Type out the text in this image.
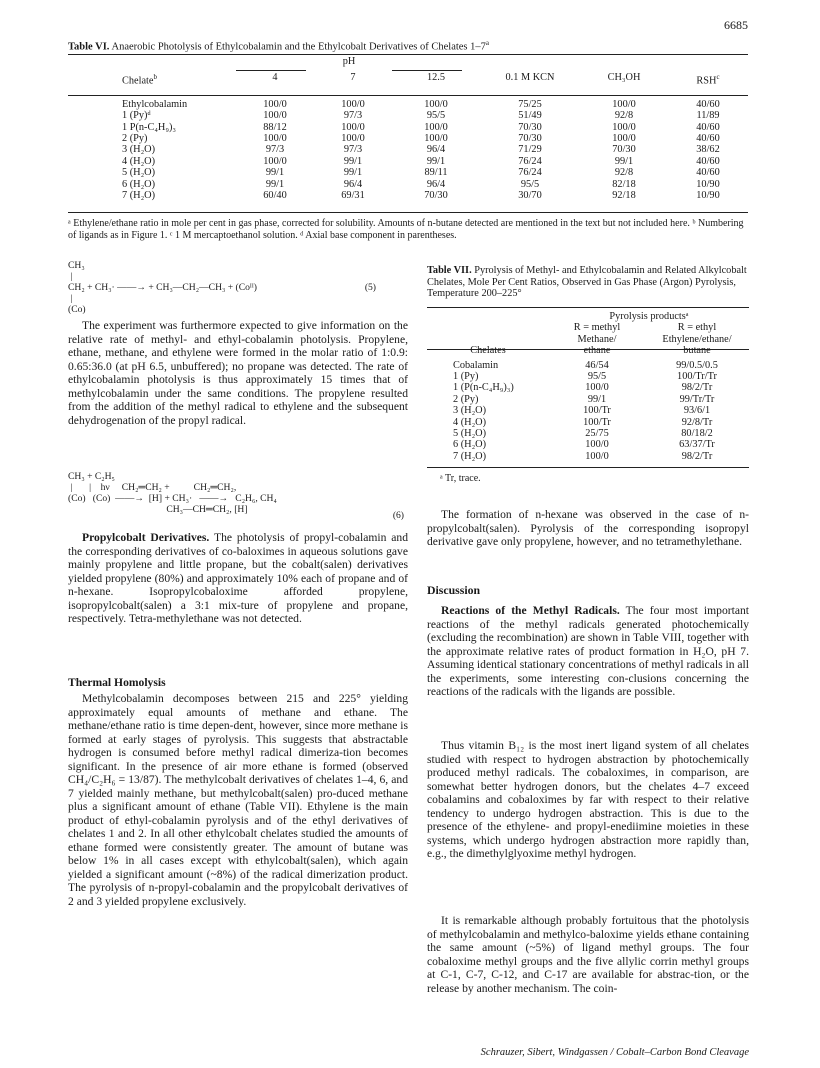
6685
Table VI. Anaerobic Photolysis of Ethylcobalamin and the Ethylcobalt Derivatives of Chelates 1–7$^a$
pH
Chelate$^b$	4	7	12.5	0.1 M KCN	CH₃OH	RSH$^c$

Ethylcobalamin	100/0	100/0	100/0	75/25	100/0	40/60
1 (Py)ᵈ	100/0	97/3	95/5	51/49	92/8	11/89
1 P(n-C₄H₉)₃	88/12	100/0	100/0	70/30	100/0	40/60
2 (Py)	100/0	100/0	100/0	70/30	100/0	40/60
3 (H₂O)	97/3	97/3	96/4	71/29	70/30	38/62
4 (H₂O)	100/0	99/1	99/1	76/24	99/1	40/60
5 (H₂O)	99/1	99/1	89/11	76/24	92/8	40/60
6 (H₂O)	99/1	96/4	96/4	95/5	82/18	10/90
7 (H₂O)	60/40	69/31	70/30	30/70	92/18	10/90
ᵃ Ethylene/ethane ratio in mole per cent in gas phase, corrected for solubility. Amounts of n-butane detected are mentioned in the text but not included here. ᵇ Numbering of ligands as in Figure 1. ᶜ 1 M mercaptoethanol solution. ᵈ Axial base component in parentheses.
CH₃
|
CH₂ + CH₃· ——→ + CH₃—CH₂—CH₃ + (Coᴵᴵ)	(5)
|
(Co)
The experiment was furthermore expected to give information on the relative rate of methyl- and ethyl-cobalamin photolysis. Propylene, ethane, methane, and ethylene were formed in the molar ratio of 1:0.9: 0.65:36.0 (at pH 6.5, unbuffered); no propane was detected. The rate of ethylcobalamin photolysis is thus approximately 15 times that of methylcobalamin under the same conditions. The propylene resulted from the addition of the methyl radical to ethylene and the subsequent dehydrogenation of the propyl radical.
CH₃ + C₂H₅
|       |    hν     CH₂═CH₂ +          CH₂═CH₂,
(Co)   (Co)  ——→  [H] + CH₃·   ——→   C₂H₆, CH₄
CH₃—CH═CH₂, [H]
(6)
Propylcobalt Derivatives. The photolysis of propyl-cobalamin and the corresponding derivatives of co-baloximes in aqueous solutions gave mainly propylene and little propane, but the cobalt(salen) derivatives yielded propylene (80%) and approximately 10% each of propane and of n-hexane. Isopropylcobaloxime afforded propylene, isopropylcobalt(salen) a 3:1 mix-ture of propylene and propane, respectively. Tetra-methylethane was not detected.
Thermal Homolysis
Methylcobalamin decomposes between 215 and 225° yielding approximately equal amounts of methane and ethane. The methane/ethane ratio is time depen-dent, however, since more methane is formed at early stages of pyrolysis. This suggests that abstractable hydrogen is consumed before methyl radical dimeriza-tion becomes significant. In the presence of air more ethane is formed (observed CH₄/C₂H₆ = 13/87). The methylcobalt derivatives of chelates 1–4, 6, and 7 yielded mainly methane, but methylcobalt(salen) pro-duced methane plus a significant amount of ethane (Table VII). Ethylene is the main product of ethyl-cobalamin pyrolysis and of the ethyl derivatives of chelates 1 and 2. In all other ethylcobalt chelates studied the amounts of ethane formed were consistently greater. The amount of butane was below 1% in all cases except with ethylcobalt(salen), which again yielded a significant amount (~8%) of the radical dimerization product. The pyrolysis of n-propyl-cobalamin and the propylcobalt derivatives of 2 and 3 yielded propylene exclusively.
Table VII. Pyrolysis of Methyl- and Ethylcobalamin and Related Alkylcobalt Chelates, Mole Per Cent Ratios, Observed in Gas Phase (Argon) Pyrolysis, Temperature 200–225°
	Pyrolysis productsᵃ	
	R = methyl	R = ethyl
	Methane/	Ethylene/ethane/
Chelates	ethane	butane

Cobalamin	46/54	99/0.5/0.5
1 (Py)	95/5	100/Tr/Tr
1 (P(n-C₄H₉)₃)	100/0	98/2/Tr
2 (Py)	99/1	99/Tr/Tr
3 (H₂O)	100/Tr	93/6/1
4 (H₂O)	100/Tr	92/8/Tr
5 (H₂O)	25/75	80/18/2
6 (H₂O)	100/0	63/37/Tr
7 (H₂O)	100/0	98/2/Tr
ᵃ Tr, trace.
The formation of n-hexane was observed in the case of n-propylcobalt(salen). Pyrolysis of the corresponding isopropyl derivative gave only propylene, however, and no tetramethylethane.
Discussion
Reactions of the Methyl Radicals. The four most important reactions of the methyl radicals generated photochemically (excluding the recombination) are shown in Table VIII, together with the approximate relative rates of product formation in H₂O, pH 7. Assuming identical stationary concentrations of methyl radicals in all the experiments, some interesting con-clusions concerning the reactions of the radicals with the ligands are possible.
Thus vitamin B₁₂ is the most inert ligand system of all chelates studied with respect to hydrogen abstraction by photochemically produced methyl radicals. The cobaloximes, in comparison, are somewhat better hydrogen donors, but the chelates 4–7 exceed cobalamins and cobaloximes by far with respect to their relative tendency to undergo hydrogen abstraction. This is due to the presence of the ethylene- and propyl-enediimine moieties in these systems, which undergo hydrogen abstraction more rapidly than, e.g., the dimethylglyoxime methyl hydrogen.
It is remarkable although probably fortuitous that the photolysis of methylcobalamin and methylco-baloxime yields ethane containing the same amount (~5%) of ligand methyl groups. The four cobaloxime methyl groups and the five allylic corrin methyl groups at C-1, C-7, C-12, and C-17 are available for abstrac-tion, or the release by another mechanism. The coin-
Schrauzer, Sibert, Windgassen / Cobalt–Carbon Bond Cleavage
